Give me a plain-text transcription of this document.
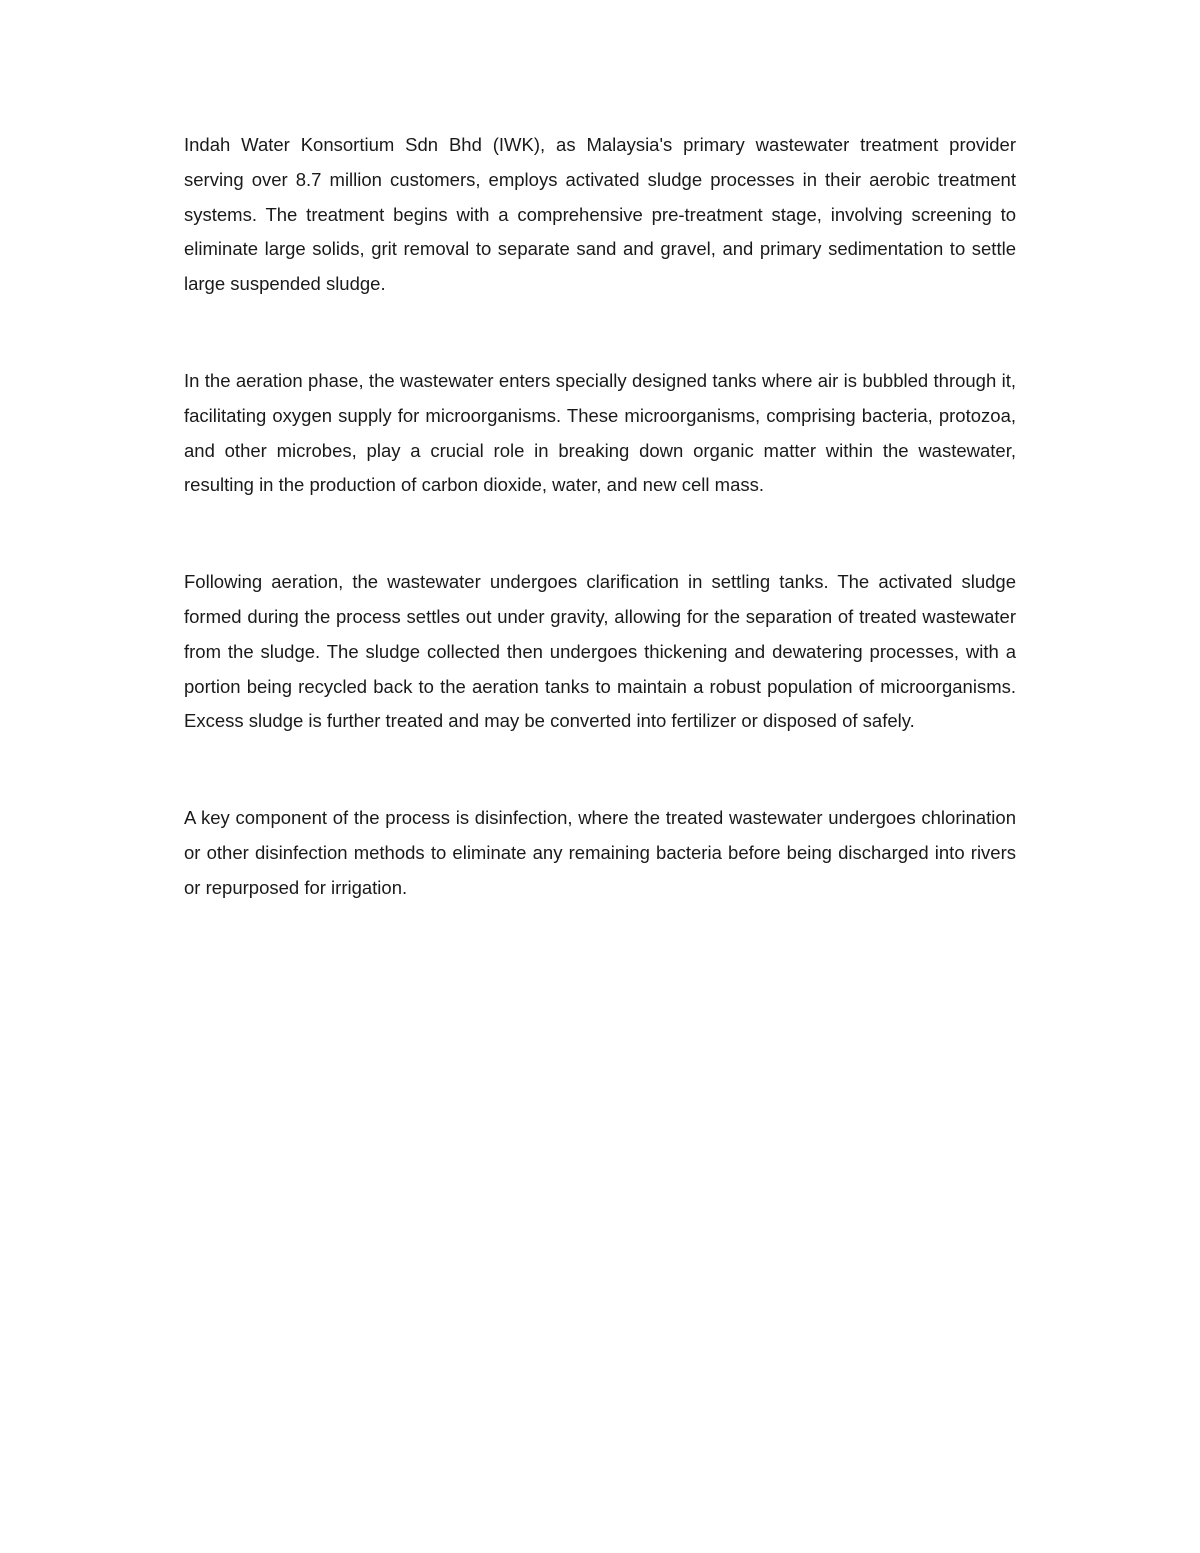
Indah Water Konsortium Sdn Bhd (IWK), as Malaysia's primary wastewater treatment provider serving over 8.7 million customers, employs activated sludge processes in their aerobic treatment systems. The treatment begins with a comprehensive pre-treatment stage, involving screening to eliminate large solids, grit removal to separate sand and gravel, and primary sedimentation to settle large suspended sludge.

In the aeration phase, the wastewater enters specially designed tanks where air is bubbled through it, facilitating oxygen supply for microorganisms. These microorganisms, comprising bacteria, protozoa, and other microbes, play a crucial role in breaking down organic matter within the wastewater, resulting in the production of carbon dioxide, water, and new cell mass.

Following aeration, the wastewater undergoes clarification in settling tanks. The activated sludge formed during the process settles out under gravity, allowing for the separation of treated wastewater from the sludge. The sludge collected then undergoes thickening and dewatering processes, with a portion being recycled back to the aeration tanks to maintain a robust population of microorganisms. Excess sludge is further treated and may be converted into fertilizer or disposed of safely.

A key component of the process is disinfection, where the treated wastewater undergoes chlorination or other disinfection methods to eliminate any remaining bacteria before being discharged into rivers or repurposed for irrigation.
